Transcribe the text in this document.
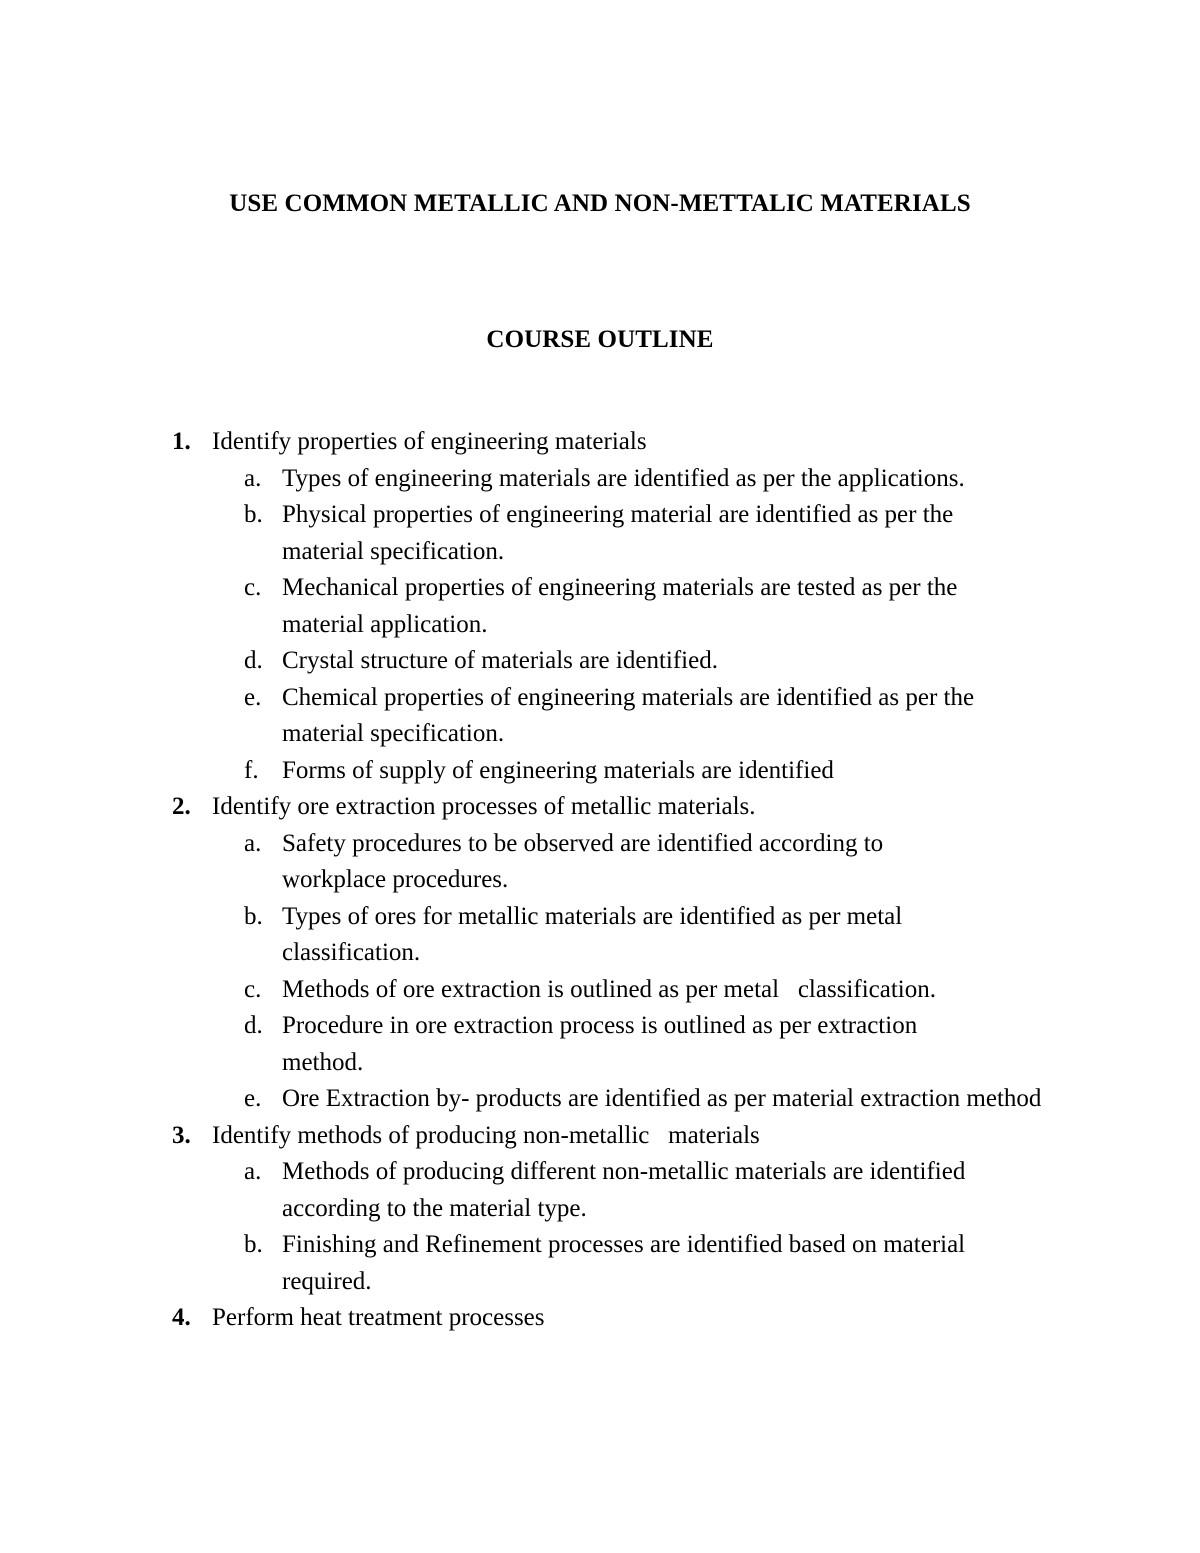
USE COMMON METALLIC AND NON-METTALIC MATERIALS
COURSE OUTLINE
1. Identify properties of engineering materials
a. Types of engineering materials are identified as per the applications.
b. Physical properties of engineering material are identified as per the material specification.
c. Mechanical properties of engineering materials are tested as per the material application.
d. Crystal structure of materials are identified.
e. Chemical properties of engineering materials are identified as per the material specification.
f. Forms of supply of engineering materials are identified
2. Identify ore extraction processes of metallic materials.
a. Safety procedures to be observed are identified according to workplace procedures.
b. Types of ores for metallic materials are identified as per metal classification.
c. Methods of ore extraction is outlined as per metal   classification.
d. Procedure in ore extraction process is outlined as per extraction method.
e. Ore Extraction by- products are identified as per material extraction method
3. Identify methods of producing non-metallic   materials
a. Methods of producing different non-metallic materials are identified according to the material type.
b. Finishing and Refinement processes are identified based on material required.
4. Perform heat treatment processes
